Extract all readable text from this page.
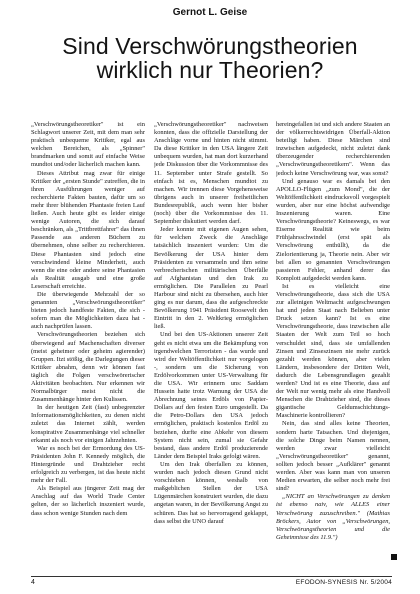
Gernot L. Geise
Sind Verschwörungstheorien
wirklich nur Theorien?

„Verschwörungstheoretiker" ist ein Schlagwort unserer Zeit, mit dem man sehr praktisch unbequeme Kritiker, egal aus welchen Bereichen, als „Spinner" brandmarken und somit auf einfache Weise mundtot und/oder lächerlich machen kann.

Dieses Attribut mag zwar für einige Kritiker der „ersten Stunde" zutreffen, die in ihren Ausführungen weniger auf recherchierte Fakten bauten, dafür um so mehr ihrer blühenden Phantasie freien Lauf ließen. Auch heute gibt es leider einige wenige Autoren, die sich darauf beschränken, als „Trittbrettfahrer" das ihnen Passende aus anderen Büchern zu übernehmen, ohne selber zu recherchieren. Diese Phantasten sind jedoch eine verschwindend kleine Minderheit, auch wenn die eine oder andere seine Phantasien als Realität ausgab und eine große Leserschaft erreichte.

Die überwiegende Mehrzahl der so genannten „Verschwörungstheoretiker" bieten jedoch handfeste Fakten, die sich - sofern man die Möglichkeiten dazu hat - auch nachprüfen lassen.

Verschwörungstheorien beziehen sich überwiegend auf Machenschaften diverser (meist geheimer oder geheim agierender) Gruppen. Itzt stößig, die Darlegungen dieser Kritiker abnahm, denn wir können fast täglich die Folgen verschwörerischer Aktivitäten beobachten. Nur erkennen wir Normalbürger meist nicht die Zusammenhänge hinter den Kulissen.

In der heutigen Zeit (fast) unbegrenzter Informationsmöglichkeiten, zu denen nicht zuletzt das Internet zählt, werden konspirative Zusammenhänge viel schneller erkannt als noch vor einigen Jahrzehnten.

War es noch bei der Ermordung des US-Präsidenten John F. Kennedy möglich, die Hintergründe und Drahtzieher recht erfolgreich zu verbergen, ist das heute nicht mehr der Fall.

Als Beispiel aus jüngerer Zeit mag der Anschlag auf das World Trade Center gelten, der so lächerlich inszeniert wurde, dass schon wenige Stunden nach dem

„Verschwörungstheoretiker" nachweisen konnten, dass die offizielle Darstellung der Anschläge vorne und hinten nicht stimmt. Da diese Kritiker in den USA längere Zeit unbequem wurden, hat man dort kurzerhand jede Diskussion über die Vorkommnisse des 11. September unter Strafe gestellt. So einfach ist es, Menschen mundtot zu machen. Wir trennen diese Vorgehensweise übrigens auch in unserer freiheitlichen Bundesrepublik, auch wenn hier bisher (noch) über die Vorkommnisse des 11. September diskutiert werden darf.

Jeder konnte mit eigenen Augen sehen, für welchen Zweck die Anschläge tatsächlich inszeniert wurden: Um die Bevölkerung der USA hinter dem Präsidenten zu versammeln und ihm seine verbrecherischen militärischen Überfälle auf Afghanistan und den Irak zu ermöglichen. Die Parallelen zu Pearl Harbour sind nicht zu übersehen, auch hier ging es nur darum, dass die aufgeschreckte Bevölkerung 1941 Präsident Roosevelt den Eintritt in den 2. Weltkrieg ermöglichen ließ.

Und bei den US-Aktionen unserer Zeit geht es nicht etwa um die Bekämpfung von irgendwelchen Terroristen - das wurde und wird der Weltöffentlichkeit nur vorgelogen -, sondern um die Sicherung von Erdölvorkommen unter US-Verwaltung für die USA. Wir erinnern uns: Saddam Hussein hatte trotz Warnung der USA die Abrechnung seines Erdöls von Papier-Dollars auf den festen Euro umgestellt. Da die Petro-Dollars den USA jedoch ermöglichen, praktisch kostenlos Erdöl zu beziehen, durfte eine Abkehr von diesem System nicht sein, zumal sie Gefahr bestand, dass andere Erdöl produzierende Länder dem Beispiel Iraks gefolgt wären.

Um den Irak überfallen zu können, wurden nach jedoch diesen Grund nicht vorschieben können, weshalb von maßgeblichen Stellen der USA Lügenmärchen konstruiert wurden, die dazu angetan waren, in der Bevölkerung Angst zu schüren. Das hat so hervorragend geklappt, dass selbst die UNO darauf

hereingefallen ist und sich andere Staaten an der völkerrechtswidrigen Überfall-Aktion beteiligt haben. Diese Märchen sind inzwischen aufgedeckt, nicht zuletzt dank überzeugender recherchierenden „Verschwörungstheoretikern". Wenn das jedoch keine Verschwörung war, was sonst?

Und genauso war es damals bei den APOLLO-Flügen „zum Mond", die der Weltöffentlichkeit eindrucksvoll vorgespielt wurden, aber nur eine höchst aufwendige Inszenierung waren. Eine Verschwörungstheorie? Keineswegs, es war Eiserne Realität wie beim Frühjahrsschwindel (erst spät als Verschwörung enthüllt), da die Zielorientierung ja, Theorie nein. Aber wir bei allen so genannten Verschwörungen passieren Fehler, anhand derer das Komplott aufgedeckt werden kann.

Ist es vielleicht eine Verschwörungstheorie, dass sich die USA zur alleinigen Weltmacht aufgeschwungen hat und jeden Staat nach Belieben unter Druck setzen kann? Ist es eine Verschwörungstheorie, dass inzwischen alle Staaten der Welt zum Teil so hoch verschuldet sind, dass sie umfallenden Zinsen und Zinseszinsen nie mehr zurück gezahlt werden können, aber vielen Ländern, insbesondere der Dritten Welt, dadurch die Lebensgrundlagen gezahlt werden? Und ist es eine Theorie, dass auf der Welt nur wenig mehr als eine Handvoll Menschen die Drahtzieher sind, die dieses gigantische Geldumschichtungs-Maschinerie kontrollieren?

Nein, das sind alles keine Theorien, sondern harte Tatsachen. Und diejenigen, die solche Dinge beim Namen nennen, werden zwar vielleicht „Verschwörungstheoretiker" genannt, sollten jedoch besser „Aufklärer" genannt werden. Aber was kann man von unseren Medien erwarten, die selber noch mehr frei sind?

„NICHT an Verschwörungen zu denken ist ebenso naiv, wie ALLES einer Verschwörung zuzuschreiben." (Mathias Bröckers, Autor von „Verschwörungen, Verschwörungstheorien und die Geheimnisse des 11.9.")

4	EFODON-SYNESIS Nr. 5/2004
